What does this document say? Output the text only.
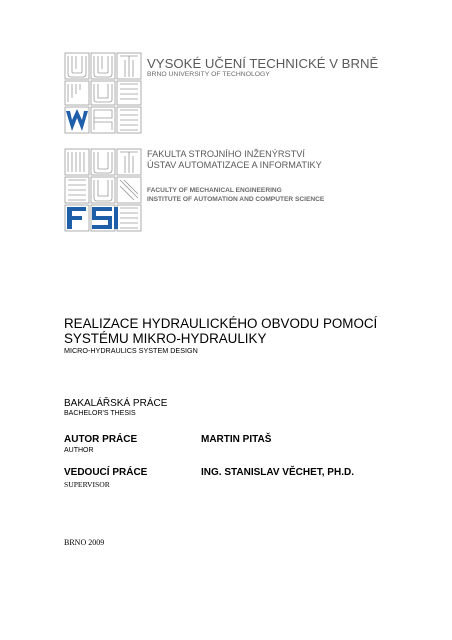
VYSOKÉ UČENÍ TECHNICKÉ V BRNĚ
BRNO UNIVERSITY OF TECHNOLOGY
FAKULTA STROJNÍHO INŽENÝRSTVÍ
ÚSTAV AUTOMATIZACE A INFORMATIKY
FACULTY OF MECHANICAL ENGINEERING
INSTITUTE OF AUTOMATION AND COMPUTER SCIENCE
REALIZACE HYDRAULICKÉHO OBVODU POMOCÍ
SYSTÉMU MIKRO-HYDRAULIKY
MICRO-HYDRAULICS SYSTEM DESIGN
BAKALÁŘSKÁ PRÁCE
BACHELOR'S THESIS
AUTOR PRÁCE	MARTIN PITAŠ
AUTHOR
VEDOUCÍ PRÁCE	ING. STANISLAV VĚCHET, PH.D.
SUPERVISOR
BRNO 2009
